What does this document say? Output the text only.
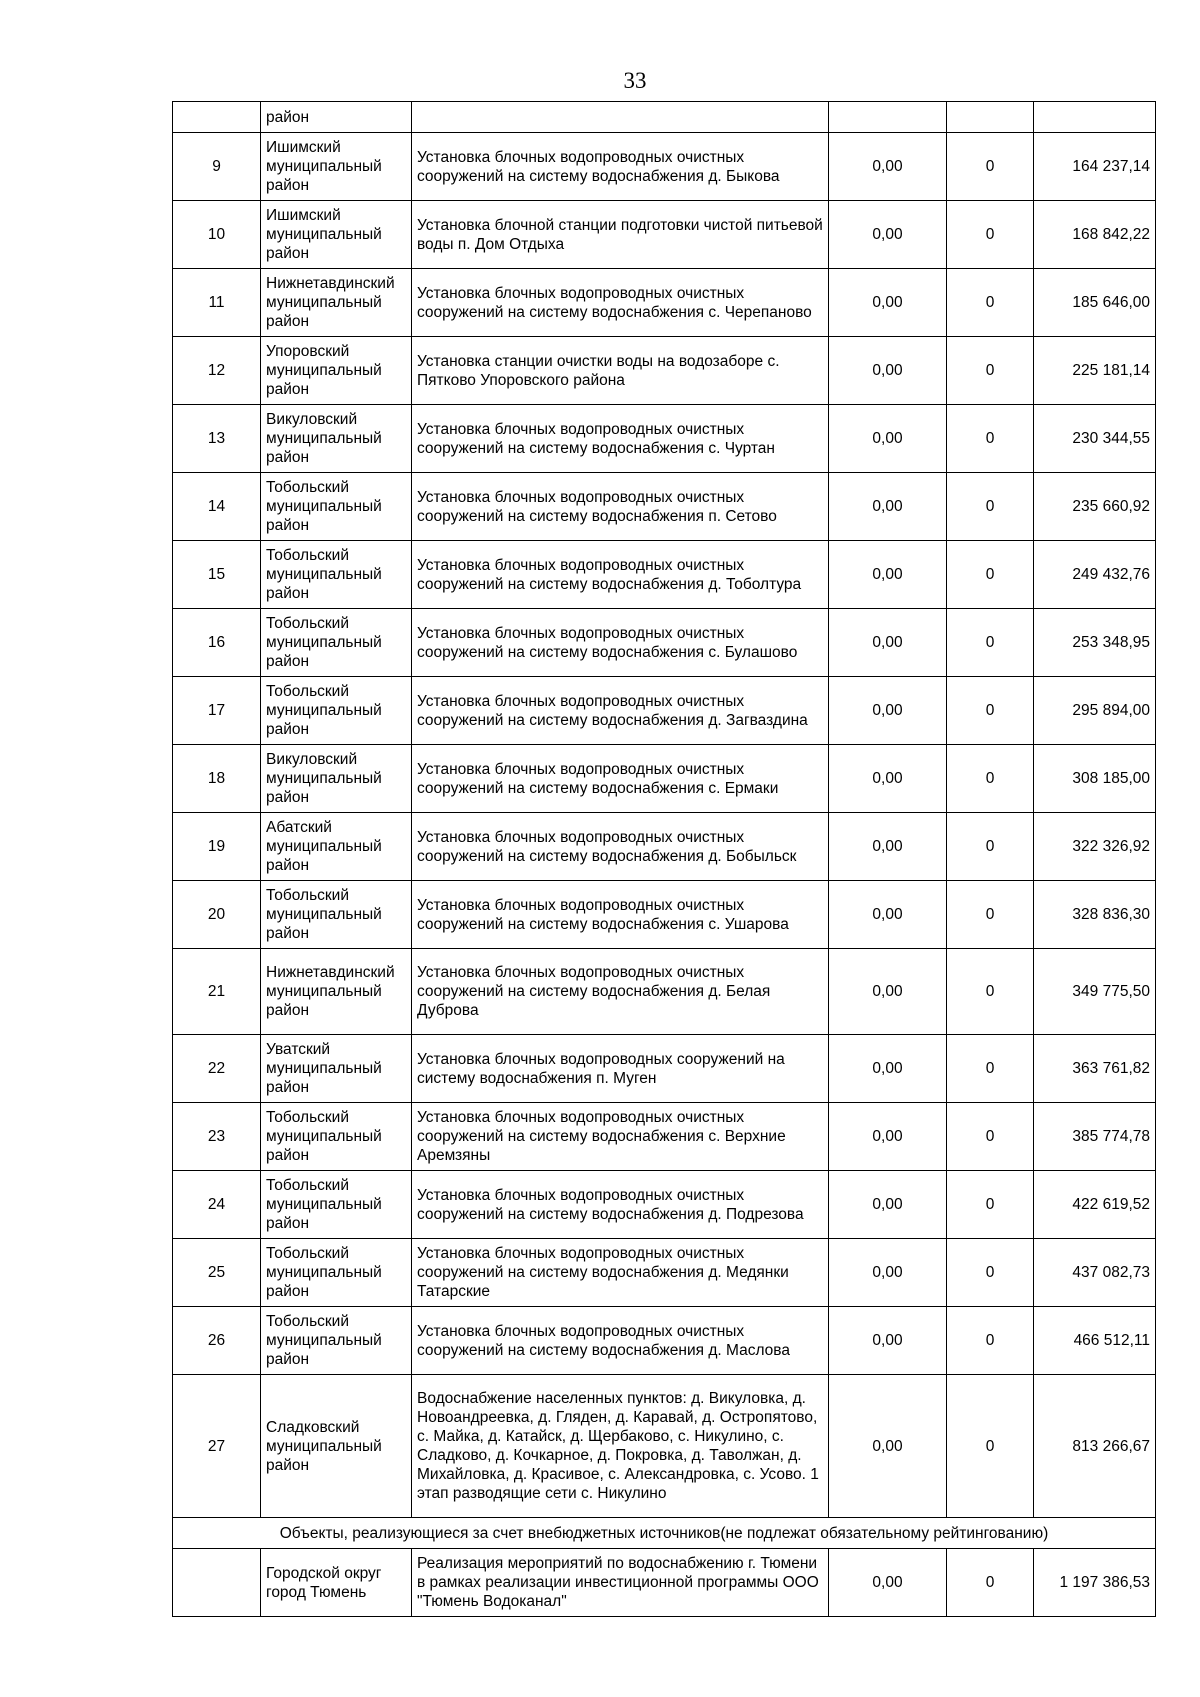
33
	район				
9	Ишимский муниципальный район	Установка блочных водопроводных очистных сооружений на систему водоснабжения д. Быкова	0,00	0	164 237,14
10	Ишимский муниципальный район	Установка блочной станции подготовки чистой питьевой воды п. Дом Отдыха	0,00	0	168 842,22
11	Нижнетавдинский муниципальный район	Установка блочных водопроводных очистных сооружений на систему водоснабжения с. Черепаново	0,00	0	185 646,00
12	Упоровский муниципальный район	Установка станции очистки воды на водозаборе с. Пятково Упоровского района	0,00	0	225 181,14
13	Викуловский муниципальный район	Установка блочных водопроводных очистных сооружений на систему водоснабжения с. Чуртан	0,00	0	230 344,55
14	Тобольский муниципальный район	Установка блочных водопроводных очистных сооружений на систему водоснабжения п. Сетово	0,00	0	235 660,92
15	Тобольский муниципальный район	Установка блочных водопроводных очистных сооружений на систему водоснабжения д. Тоболтура	0,00	0	249 432,76
16	Тобольский муниципальный район	Установка блочных водопроводных очистных сооружений на систему водоснабжения с. Булашово	0,00	0	253 348,95
17	Тобольский муниципальный район	Установка блочных водопроводных очистных сооружений на систему водоснабжения д. Загваздина	0,00	0	295 894,00
18	Викуловский муниципальный район	Установка блочных водопроводных очистных сооружений на систему водоснабжения с. Ермаки	0,00	0	308 185,00
19	Абатский муниципальный район	Установка блочных водопроводных очистных сооружений на систему водоснабжения д. Бобыльск	0,00	0	322 326,92
20	Тобольский муниципальный район	Установка блочных водопроводных очистных сооружений на систему водоснабжения с. Ушарова	0,00	0	328 836,30
21	Нижнетавдинский муниципальный район	Установка блочных водопроводных очистных сооружений на систему водоснабжения д. Белая Дуброва	0,00	0	349 775,50
22	Уватский муниципальный район	Установка блочных водопроводных сооружений на систему водоснабжения п. Муген	0,00	0	363 761,82
23	Тобольский муниципальный район	Установка блочных водопроводных очистных сооружений на систему водоснабжения с. Верхние Аремзяны	0,00	0	385 774,78
24	Тобольский муниципальный район	Установка блочных водопроводных очистных сооружений на систему водоснабжения д. Подрезова	0,00	0	422 619,52
25	Тобольский муниципальный район	Установка блочных водопроводных очистных сооружений на систему водоснабжения д. Медянки Татарские	0,00	0	437 082,73
26	Тобольский муниципальный район	Установка блочных водопроводных очистных сооружений на систему водоснабжения д. Маслова	0,00	0	466 512,11
27	Сладковский муниципальный район	Водоснабжение населенных пунктов: д. Викуловка, д. Новоандреевка, д. Гляден, д. Каравай, д. Остропятово, с. Майка, д. Катайск, д. Щербаково, с. Никулино, с. Сладково, д. Кочкарное, д. Покровка, д. Таволжан, д. Михайловка, д. Красивое, с. Александровка, с. Усово. 1 этап разводящие сети с. Никулино	0,00	0	813 266,67
Объекты, реализующиеся за счет внебюджетных источников(не подлежат обязательному рейтингованию)					
	Городской округ город Тюмень	Реализация мероприятий по водоснабжению г. Тюмени в рамках реализации инвестиционной программы ООО "Тюмень Водоканал"	0,00	0	1 197 386,53
